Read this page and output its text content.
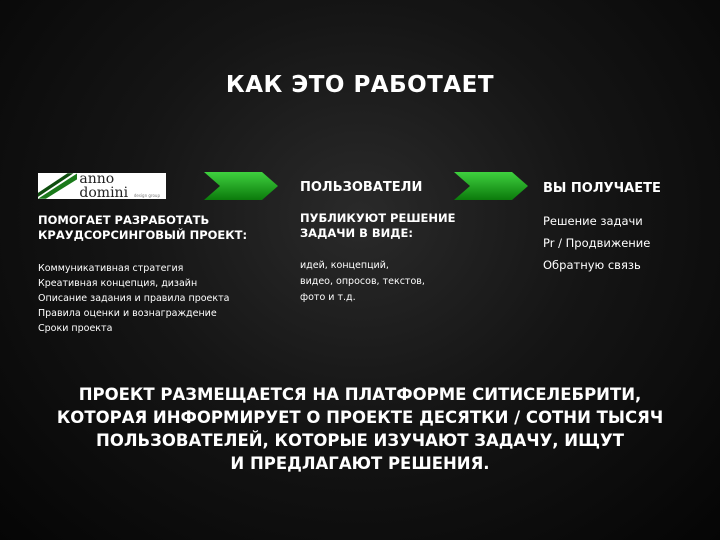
КАК ЭТО РАБОТАЕТ
anno domini	design group
ПОМОГАЕТ РАЗРАБОТАТЬ
КРАУДСОРСИНГОВЫЙ ПРОЕКТ:
Коммуникативная стратегия
Креативная концепция, дизайн
Описание задания и правила проекта
Правила оценки и вознаграждение
Сроки проекта
ПОЛЬЗОВАТЕЛИ
ПУБЛИКУЮТ РЕШЕНИЕ
ЗАДАЧИ В ВИДЕ:
идей, концепций,
видео, опросов, текстов,
фото и т.д.
ВЫ ПОЛУЧАЕТЕ
Решение задачи
Pr / Продвижение
Обратную связь
ПРОЕКТ РАЗМЕЩАЕТСЯ НА ПЛАТФОРМЕ СИТИСЕЛЕБРИТИ,
КОТОРАЯ ИНФОРМИРУЕТ О ПРОЕКТЕ ДЕСЯТКИ / СОТНИ ТЫСЯЧ
ПОЛЬЗОВАТЕЛЕЙ, КОТОРЫЕ ИЗУЧАЮТ ЗАДАЧУ, ИЩУТ
И ПРЕДЛАГАЮТ РЕШЕНИЯ.
